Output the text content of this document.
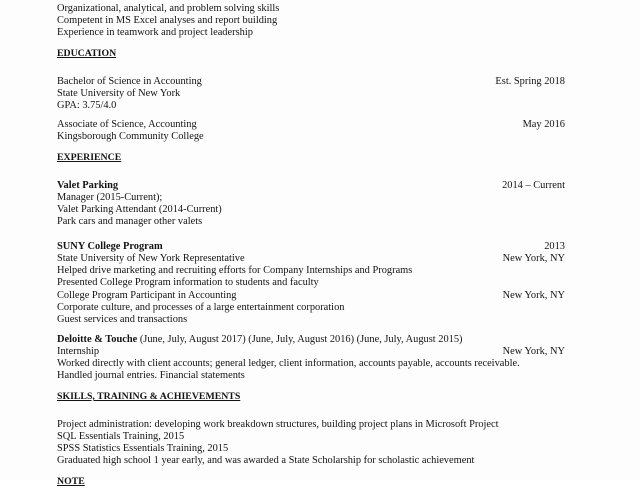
Organizational, analytical, and problem solving skills
Competent in MS Excel analyses and report building
Experience in teamwork and project leadership
EDUCATION
Bachelor of Science in Accounting	Est. Spring 2018
State University of New York
GPA: 3.75/4.0
Associate of Science, Accounting	May 2016
Kingsborough Community College
EXPERIENCE
Valet Parking	2014 – Current
Manager (2015-Current);
Valet Parking Attendant (2014-Current)
Park cars and manager other valets
SUNY College Program	2013
State University of New York Representative	New York, NY
Helped drive marketing and recruiting efforts for Company Internships and Programs
Presented College Program information to students and faculty
College Program Participant in Accounting	New York, NY
Corporate culture, and processes of a large entertainment corporation
Guest services and transactions
Deloitte & Touche (June, July, August 2017) (June, July, August 2016) (June, July, August 2015)
Internship	New York, NY
Worked directly with client accounts; general ledger, client information, accounts payable, accounts receivable.
Handled journal entries. Financial statements
SKILLS, TRAINING & ACHIEVEMENTS
Project administration: developing work breakdown structures, building project plans in Microsoft Project
SQL Essentials Training, 2015
SPSS Statistics Essentials Training, 2015
Graduated high school 1 year early, and was awarded a State Scholarship for scholastic achievement
NOTE
